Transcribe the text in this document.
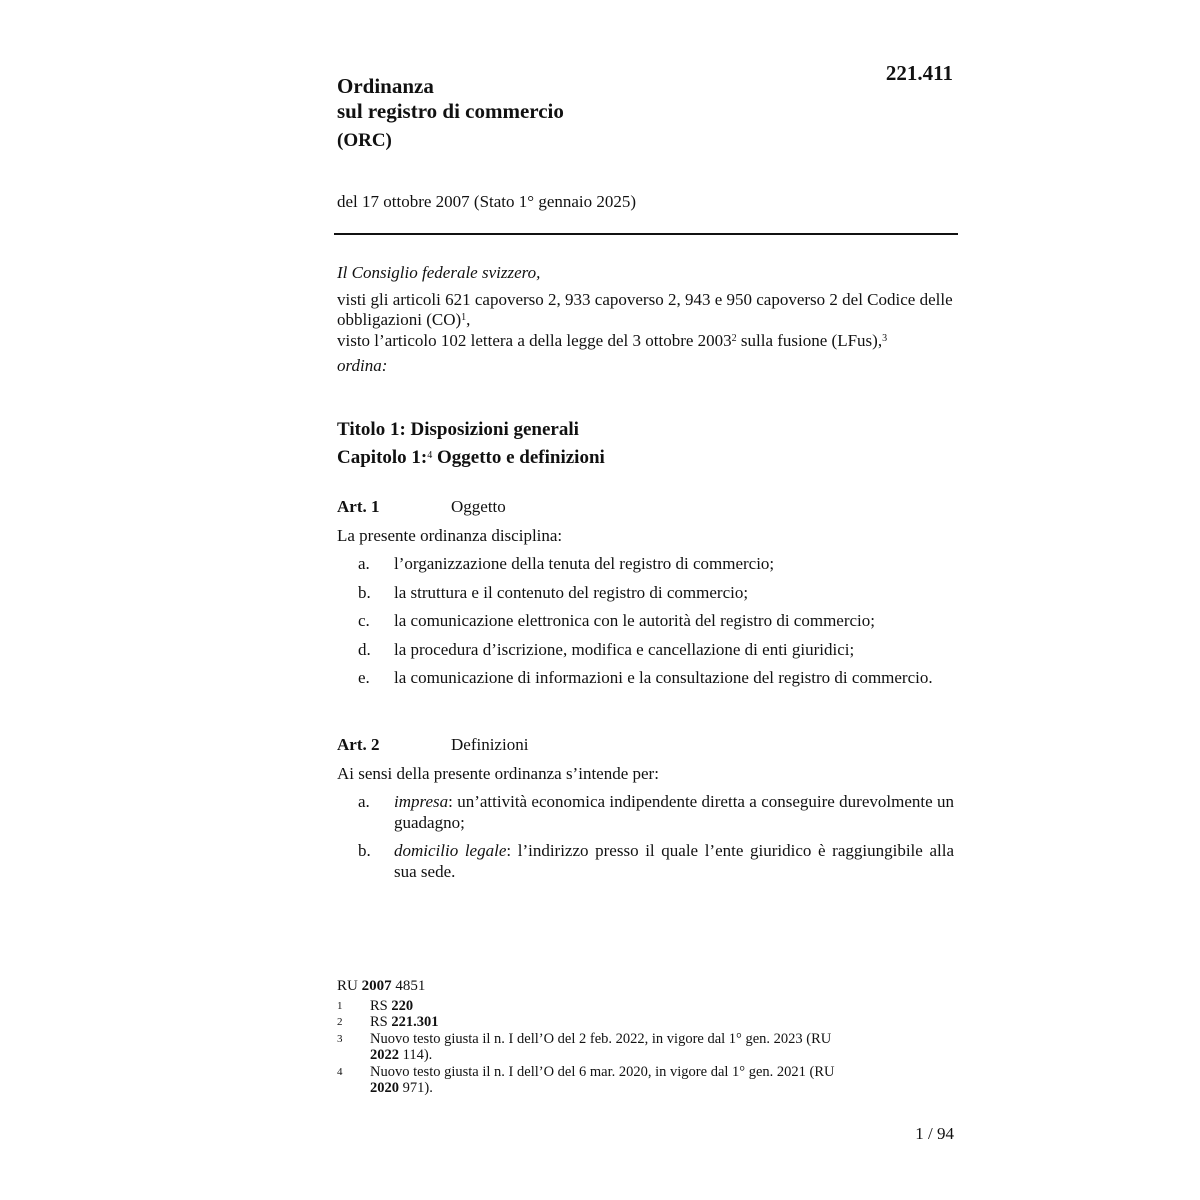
Ordinanza
sul registro di commercio
(ORC)
221.411
del 17 ottobre 2007 (Stato 1° gennaio 2025)
Il Consiglio federale svizzero,
visti gli articoli 621 capoverso 2, 933 capoverso 2, 943 e 950 capoverso 2 del Codice delle obbligazioni (CO)$^1$,
visto l’articolo 102 lettera a della legge del 3 ottobre 2003$^2$ sulla fusione (LFus),$^3$
ordina:
Titolo 1: Disposizioni generali
Capitolo 1:$^4$ Oggetto e definizioni
Art. 1	Oggetto
La presente ordinanza disciplina:
a.	l’organizzazione della tenuta del registro di commercio;
b.	la struttura e il contenuto del registro di commercio;
c.	la comunicazione elettronica con le autorità del registro di commercio;
d.	la procedura d’iscrizione, modifica e cancellazione di enti giuridici;
e.	la comunicazione di informazioni e la consultazione del registro di commercio.
Art. 2	Definizioni
Ai sensi della presente ordinanza s’intende per:
a.	impresa: un’attività economica indipendente diretta a conseguire durevolmente un guadagno;
b.	domicilio legale: l’indirizzo presso il quale l’ente giuridico è raggiungibile alla sua sede.
RU 2007 4851
1	RS 220
2	RS 221.301
3	Nuovo testo giusta il n. I dell’O del 2 feb. 2022, in vigore dal 1° gen. 2023 (RU 2022 114).
4	Nuovo testo giusta il n. I dell’O del 6 mar. 2020, in vigore dal 1° gen. 2021 (RU 2020 971).
1 / 94
